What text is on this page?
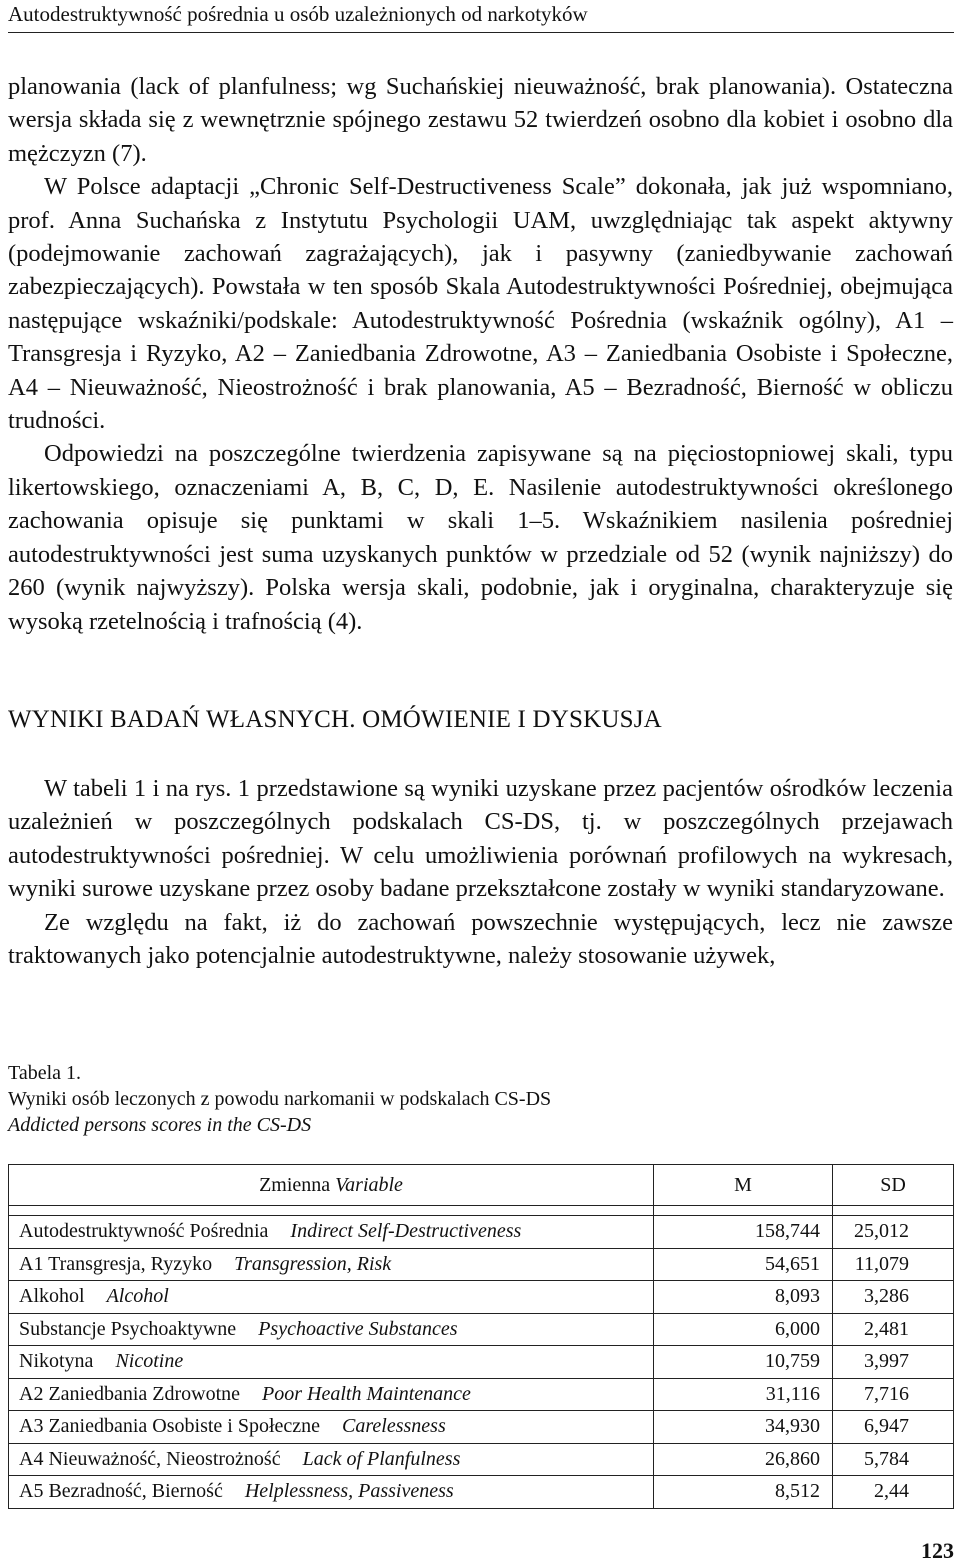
Autodestruktywność pośrednia u osób uzależnionych od narkotyków

planowania (lack of planfulness; wg Suchańskiej nieuważność, brak planowania). Ostateczna wersja składa się z wewnętrznie spójnego zestawu 52 twierdzeń osobno dla kobiet i osobno dla mężczyzn (7).

W Polsce adaptacji „Chronic Self-Destructiveness Scale” dokonała, jak już wspomniano, prof. Anna Suchańska z Instytutu Psychologii UAM, uwzględniając tak aspekt aktywny (podejmowanie zachowań zagrażających), jak i pasywny (zaniedbywanie zachowań zabezpieczających). Powstała w ten sposób Skala Autodestruktywności Pośredniej, obejmująca następujące wskaźniki/podskale: Autodestruktywność Pośrednia (wskaźnik ogólny), A1 – Transgresja i Ryzyko, A2 – Zaniedbania Zdrowotne, A3 – Zaniedbania Osobiste i Społeczne, A4 – Nieuważność, Nieostrożność i brak planowania, A5 – Bezradność, Bierność w obliczu trudności.

Odpowiedzi na poszczególne twierdzenia zapisywane są na pięciostopniowej skali, typu likertowskiego, oznaczeniami A, B, C, D, E. Nasilenie autodestruktywności określonego zachowania opisuje się punktami w skali 1–5. Wskaźnikiem nasilenia pośredniej autodestruktywności jest suma uzyskanych punktów w przedziale od 52 (wynik najniższy) do 260 (wynik najwyższy). Polska wersja skali, podobnie, jak i oryginalna, charakteryzuje się wysoką rzetelnością i trafnością (4).

WYNIKI BADAŃ WŁASNYCH. OMÓWIENIE I DYSKUSJA

W tabeli 1 i na rys. 1 przedstawione są wyniki uzyskane przez pacjentów ośrodków leczenia uzależnień w poszczególnych podskalach CS-DS, tj. w poszczególnych przejawach autodestruktywności pośredniej. W celu umożliwienia porównań profilowych na wykresach, wyniki surowe uzyskane przez osoby badane przekształcone zostały w wyniki standaryzowane.

Ze względu na fakt, iż do zachowań powszechnie występujących, lecz nie zawsze traktowanych jako potencjalnie autodestruktywne, należy stosowanie używek,

Tabela 1.
Wyniki osób leczonych z powodu narkomanii w podskalach CS-DS
Addicted persons scores in the CS-DS
Zmienna Variable	M	SD

Autodestruktywność Pośrednia Indirect Self-Destructiveness	158,744	25,012
A1 Transgresja, Ryzyko Transgression, Risk	54,651	11,079
Alkohol Alcohol	8,093	3,286
Substancje Psychoaktywne Psychoactive Substances	6,000	2,481
Nikotyna Nicotine	10,759	3,997
A2 Zaniedbania Zdrowotne Poor Health Maintenance	31,116	7,716
A3 Zaniedbania Osobiste i Społeczne Carelessness	34,930	6,947
A4 Nieuważność, Nieostrożność Lack of Planfulness	26,860	5,784
A5 Bezradność, Bierność Helplessness, Passiveness	8,512	2,44
123
